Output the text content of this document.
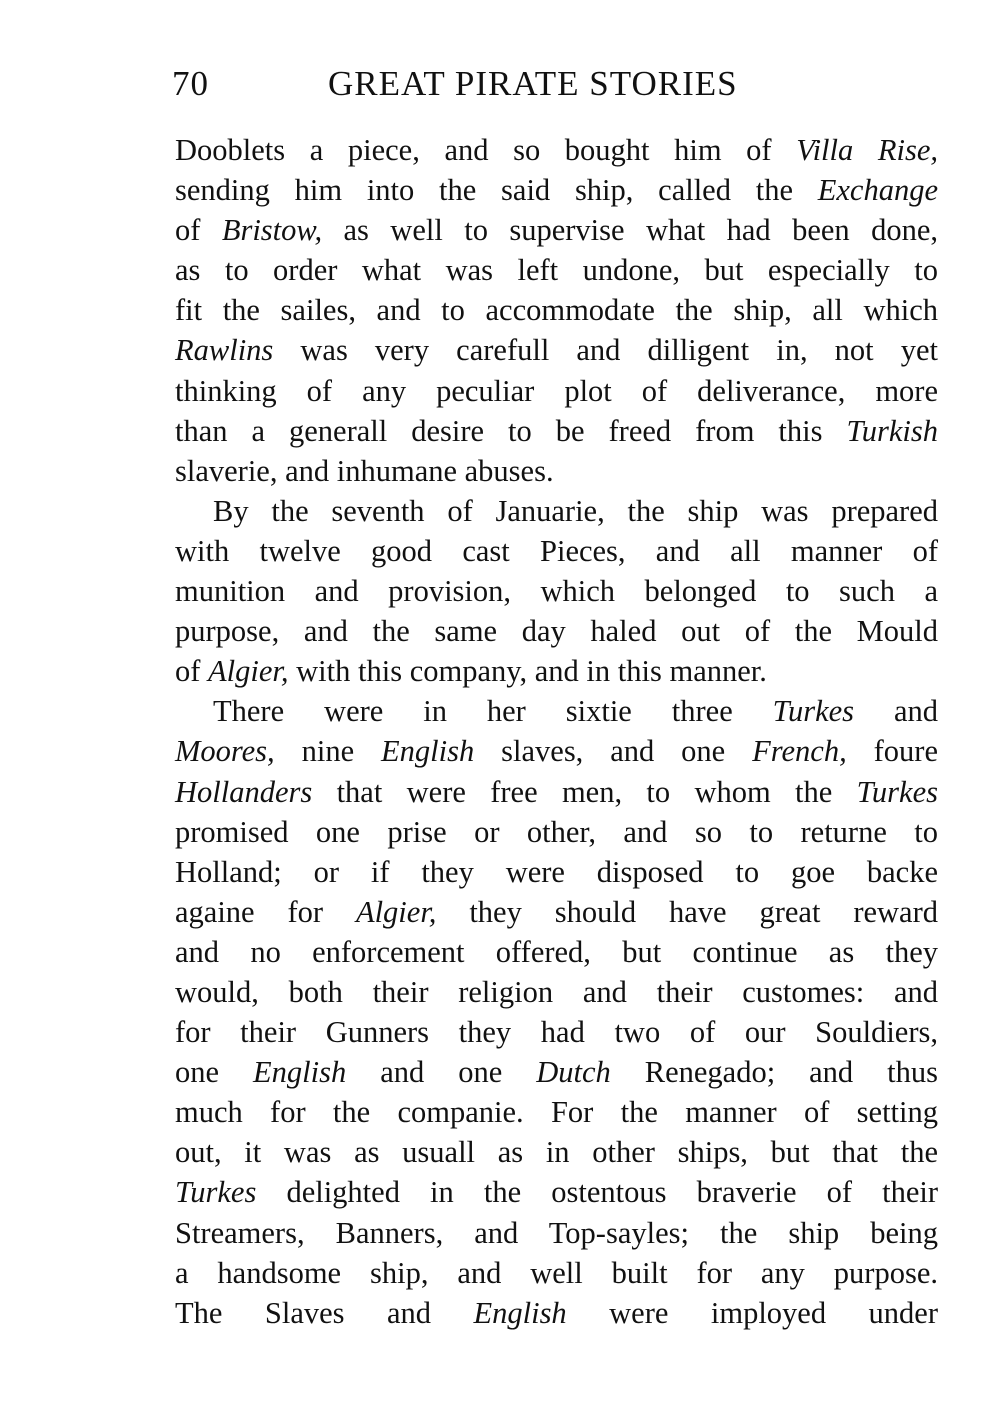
70	GREAT PIRATE STORIES
Dooblets a piece, and so bought him of Villa Rise,
sending him into the said ship, called the Exchange
of Bristow, as well to supervise what had been done,
as to order what was left undone, but especially to
fit the sailes, and to accommodate the ship, all which
Rawlins was very carefull and dilligent in, not yet
thinking of any peculiar plot of deliverance, more
than a generall desire to be freed from this Turkish
slaverie, and inhumane abuses.
By the seventh of Januarie, the ship was prepared
with twelve good cast Pieces, and all manner of
munition and provision, which belonged to such a
purpose, and the same day haled out of the Mould
of Algier, with this company, and in this manner.
There were in her sixtie three Turkes and
Moores, nine English slaves, and one French, foure
Hollanders that were free men, to whom the Turkes
promised one prise or other, and so to returne to
Holland; or if they were disposed to goe backe
againe for Algier, they should have great reward
and no enforcement offered, but continue as they
would, both their religion and their customes: and
for their Gunners they had two of our Souldiers,
one English and one Dutch Renegado; and thus
much for the companie. For the manner of setting
out, it was as usuall as in other ships, but that the
Turkes delighted in the ostentous braverie of their
Streamers, Banners, and Top-sayles; the ship being
a handsome ship, and well built for any purpose.
The Slaves and English were imployed under
